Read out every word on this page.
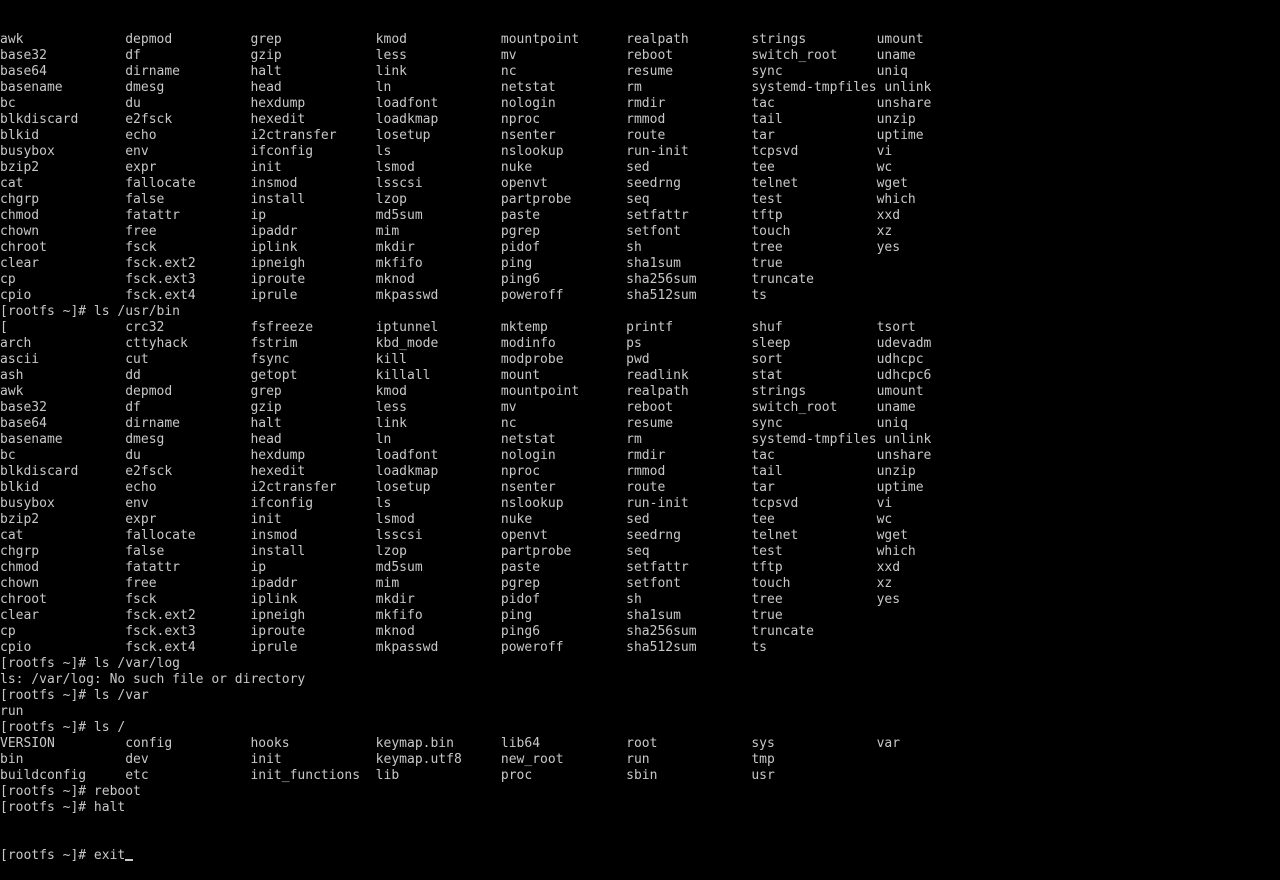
awk             depmod          grep            kmod            mountpoint      realpath        strings         umount
base32          df              gzip            less            mv              reboot          switch_root     uname
base64          dirname         halt            link            nc              resume          sync            uniq
basename        dmesg           head            ln              netstat         rm              systemd-tmpfiles unlink
bc              du              hexdump         loadfont        nologin         rmdir           tac             unshare
blkdiscard      e2fsck          hexedit         loadkmap        nproc           rmmod           tail            unzip
blkid           echo            i2ctransfer     losetup         nsenter         route           tar             uptime
busybox         env             ifconfig        ls              nslookup        run-init        tcpsvd          vi
bzip2           expr            init            lsmod           nuke            sed             tee             wc
cat             fallocate       insmod          lsscsi          openvt          seedrng         telnet          wget
chgrp           false           install         lzop            partprobe       seq             test            which
chmod           fatattr         ip              md5sum          paste           setfattr        tftp            xxd
chown           free            ipaddr          mim             pgrep           setfont         touch           xz
chroot          fsck            iplink          mkdir           pidof           sh              tree            yes
clear           fsck.ext2       ipneigh         mkfifo          ping            sha1sum         true
cp              fsck.ext3       iproute         mknod           ping6           sha256sum       truncate
cpio            fsck.ext4       iprule          mkpasswd        poweroff        sha512sum       ts
[rootfs ~]# ls /usr/bin
[               crc32           fsfreeze        iptunnel        mktemp          printf          shuf            tsort
arch            cttyhack        fstrim          kbd_mode        modinfo         ps              sleep           udevadm
ascii           cut             fsync           kill            modprobe        pwd             sort            udhcpc
ash             dd              getopt          killall         mount           readlink        stat            udhcpc6
awk             depmod          grep            kmod            mountpoint      realpath        strings         umount
base32          df              gzip            less            mv              reboot          switch_root     uname
base64          dirname         halt            link            nc              resume          sync            uniq
basename        dmesg           head            ln              netstat         rm              systemd-tmpfiles unlink
bc              du              hexdump         loadfont        nologin         rmdir           tac             unshare
blkdiscard      e2fsck          hexedit         loadkmap        nproc           rmmod           tail            unzip
blkid           echo            i2ctransfer     losetup         nsenter         route           tar             uptime
busybox         env             ifconfig        ls              nslookup        run-init        tcpsvd          vi
bzip2           expr            init            lsmod           nuke            sed             tee             wc
cat             fallocate       insmod          lsscsi          openvt          seedrng         telnet          wget
chgrp           false           install         lzop            partprobe       seq             test            which
chmod           fatattr         ip              md5sum          paste           setfattr        tftp            xxd
chown           free            ipaddr          mim             pgrep           setfont         touch           xz
chroot          fsck            iplink          mkdir           pidof           sh              tree            yes
clear           fsck.ext2       ipneigh         mkfifo          ping            sha1sum         true
cp              fsck.ext3       iproute         mknod           ping6           sha256sum       truncate
cpio            fsck.ext4       iprule          mkpasswd        poweroff        sha512sum       ts
[rootfs ~]# ls /var/log
ls: /var/log: No such file or directory
[rootfs ~]# ls /var
run
[rootfs ~]# ls /
VERSION         config          hooks           keymap.bin      lib64           root            sys             var
bin             dev             init            keymap.utf8     new_root        run             tmp
buildconfig     etc             init_functions  lib             proc            sbin            usr
[rootfs ~]# reboot
[rootfs ~]# halt

[rootfs ~]# exit
